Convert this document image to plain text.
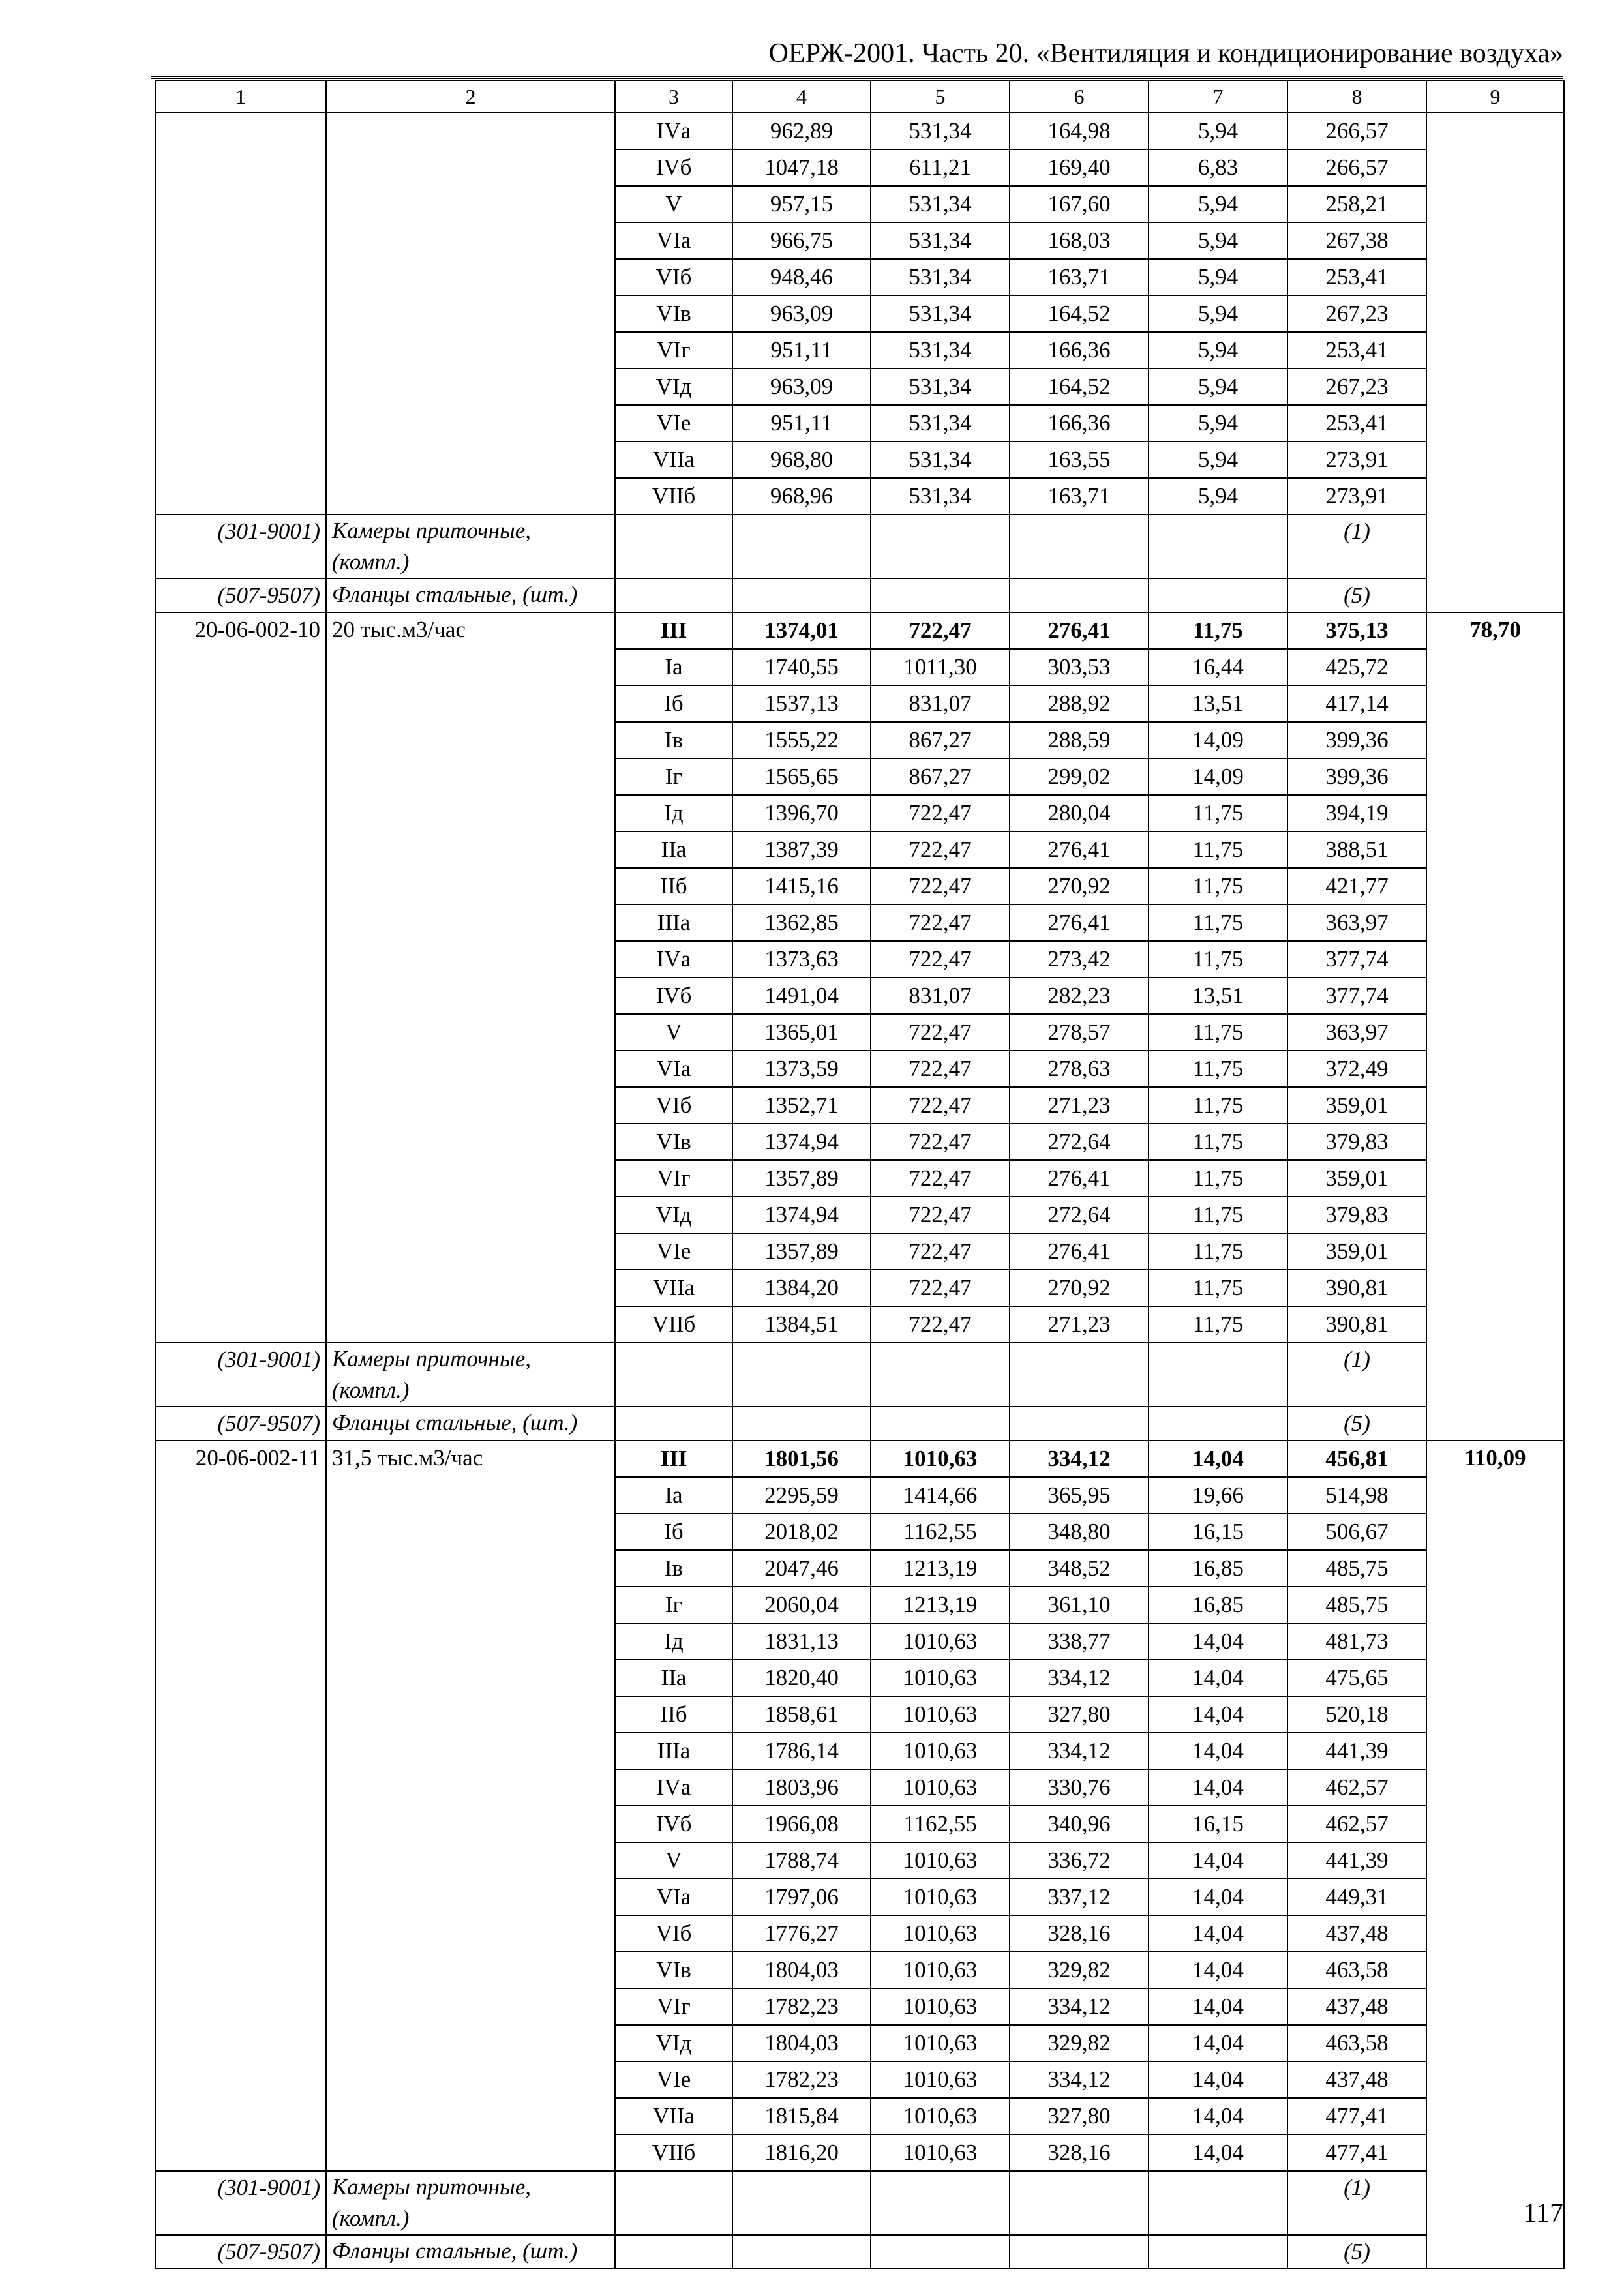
ОЕРЖ-2001. Часть 20. «Вентиляция и кондиционирование воздуха»
1	2	3	4	5	6	7	8	9
		IVа	962,89	531,34	164,98	5,94	266,57	
		IVб	1047,18	611,21	169,40	6,83	266,57	
		V	957,15	531,34	167,60	5,94	258,21	
		VIа	966,75	531,34	168,03	5,94	267,38	
		VIб	948,46	531,34	163,71	5,94	253,41	
		VIв	963,09	531,34	164,52	5,94	267,23	
		VIг	951,11	531,34	166,36	5,94	253,41	
		VIд	963,09	531,34	164,52	5,94	267,23	
		VIе	951,11	531,34	166,36	5,94	253,41	
		VIIа	968,80	531,34	163,55	5,94	273,91	
		VIIб	968,96	531,34	163,71	5,94	273,91	
(301-9001)	Камеры приточные, (компл.)						(1)	
(507-9507)	Фланцы стальные, (шт.)						(5)	
20-06-002-10	20 тыс.м3/час	III	1374,01	722,47	276,41	11,75	375,13	78,70
		Iа	1740,55	1011,30	303,53	16,44	425,72	
		Iб	1537,13	831,07	288,92	13,51	417,14	
		Iв	1555,22	867,27	288,59	14,09	399,36	
		Iг	1565,65	867,27	299,02	14,09	399,36	
		Iд	1396,70	722,47	280,04	11,75	394,19	
		IIа	1387,39	722,47	276,41	11,75	388,51	
		IIб	1415,16	722,47	270,92	11,75	421,77	
		IIIа	1362,85	722,47	276,41	11,75	363,97	
		IVа	1373,63	722,47	273,42	11,75	377,74	
		IVб	1491,04	831,07	282,23	13,51	377,74	
		V	1365,01	722,47	278,57	11,75	363,97	
		VIа	1373,59	722,47	278,63	11,75	372,49	
		VIб	1352,71	722,47	271,23	11,75	359,01	
		VIв	1374,94	722,47	272,64	11,75	379,83	
		VIг	1357,89	722,47	276,41	11,75	359,01	
		VIд	1374,94	722,47	272,64	11,75	379,83	
		VIе	1357,89	722,47	276,41	11,75	359,01	
		VIIа	1384,20	722,47	270,92	11,75	390,81	
		VIIб	1384,51	722,47	271,23	11,75	390,81	
(301-9001)	Камеры приточные, (компл.)						(1)	
(507-9507)	Фланцы стальные, (шт.)						(5)	
20-06-002-11	31,5 тыс.м3/час	III	1801,56	1010,63	334,12	14,04	456,81	110,09
		Iа	2295,59	1414,66	365,95	19,66	514,98	
		Iб	2018,02	1162,55	348,80	16,15	506,67	
		Iв	2047,46	1213,19	348,52	16,85	485,75	
		Iг	2060,04	1213,19	361,10	16,85	485,75	
		Iд	1831,13	1010,63	338,77	14,04	481,73	
		IIа	1820,40	1010,63	334,12	14,04	475,65	
		IIб	1858,61	1010,63	327,80	14,04	520,18	
		IIIа	1786,14	1010,63	334,12	14,04	441,39	
		IVа	1803,96	1010,63	330,76	14,04	462,57	
		IVб	1966,08	1162,55	340,96	16,15	462,57	
		V	1788,74	1010,63	336,72	14,04	441,39	
		VIа	1797,06	1010,63	337,12	14,04	449,31	
		VIб	1776,27	1010,63	328,16	14,04	437,48	
		VIв	1804,03	1010,63	329,82	14,04	463,58	
		VIг	1782,23	1010,63	334,12	14,04	437,48	
		VIд	1804,03	1010,63	329,82	14,04	463,58	
		VIе	1782,23	1010,63	334,12	14,04	437,48	
		VIIа	1815,84	1010,63	327,80	14,04	477,41	
		VIIб	1816,20	1010,63	328,16	14,04	477,41	
(301-9001)	Камеры приточные, (компл.)						(1)	
(507-9507)	Фланцы стальные, (шт.)						(5)	
117
